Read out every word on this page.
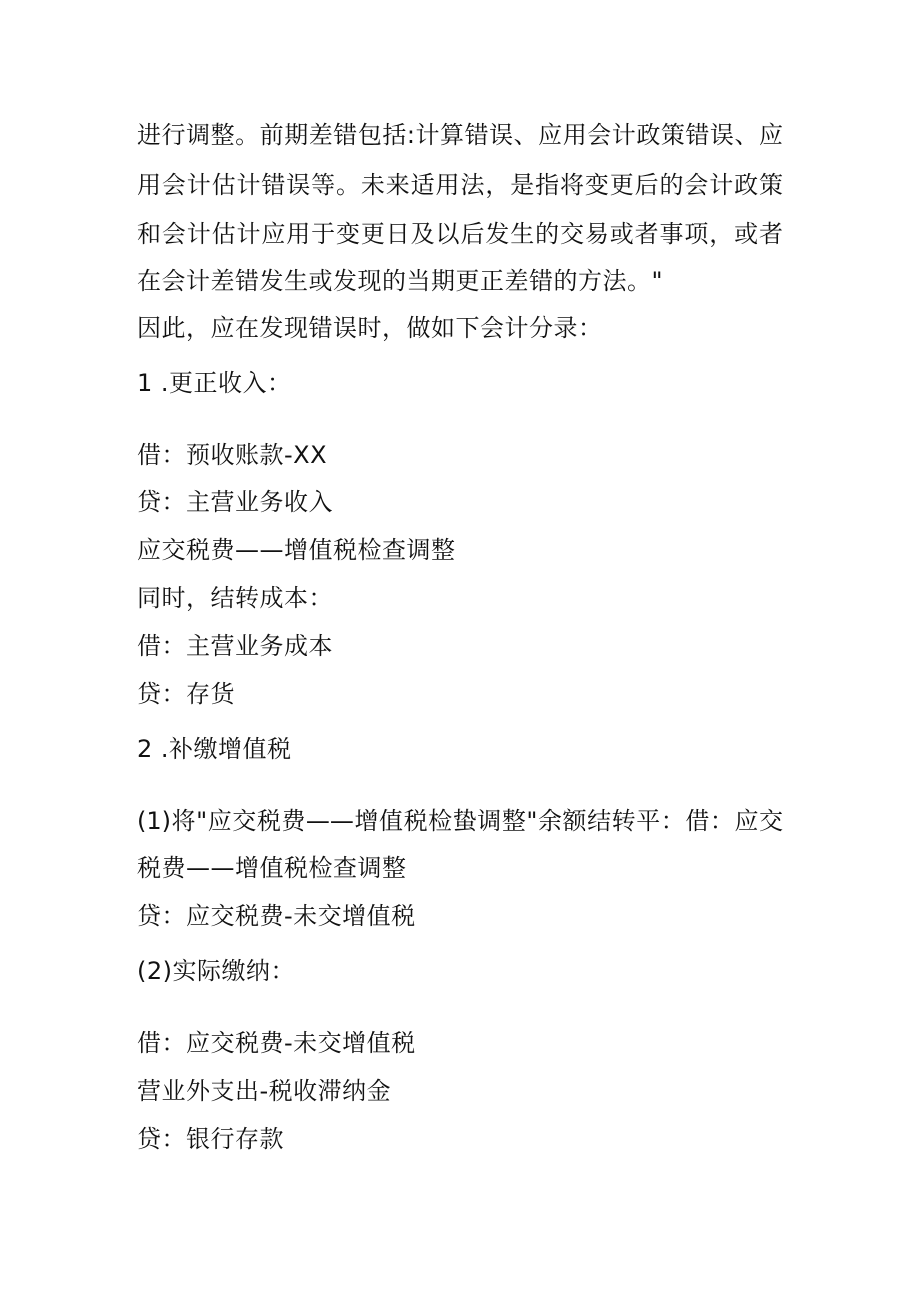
进行调整。前期差错包括:计算错误、应用会计政策错误、应
用会计估计错误等。未来适用法，是指将变更后的会计政策
和会计估计应用于变更日及以后发生的交易或者事项，或者
在会计差错发生或发现的当期更正差错的方法。"
因此，应在发现错误时，做如下会计分录：
1 .更正收入：
借：预收账款-XX
贷：主营业务收入
应交税费——增值税检查调整
同时，结转成本：
借：主营业务成本
贷：存货
2 .补缴增值税
(1)将"应交税费——增值税检蛰调整"余额结转平：借：应交
税费——增值税检查调整
贷：应交税费-未交增值税
(2)实际缴纳：
借：应交税费-未交增值税
营业外支出-税收滞纳金
贷：银行存款
